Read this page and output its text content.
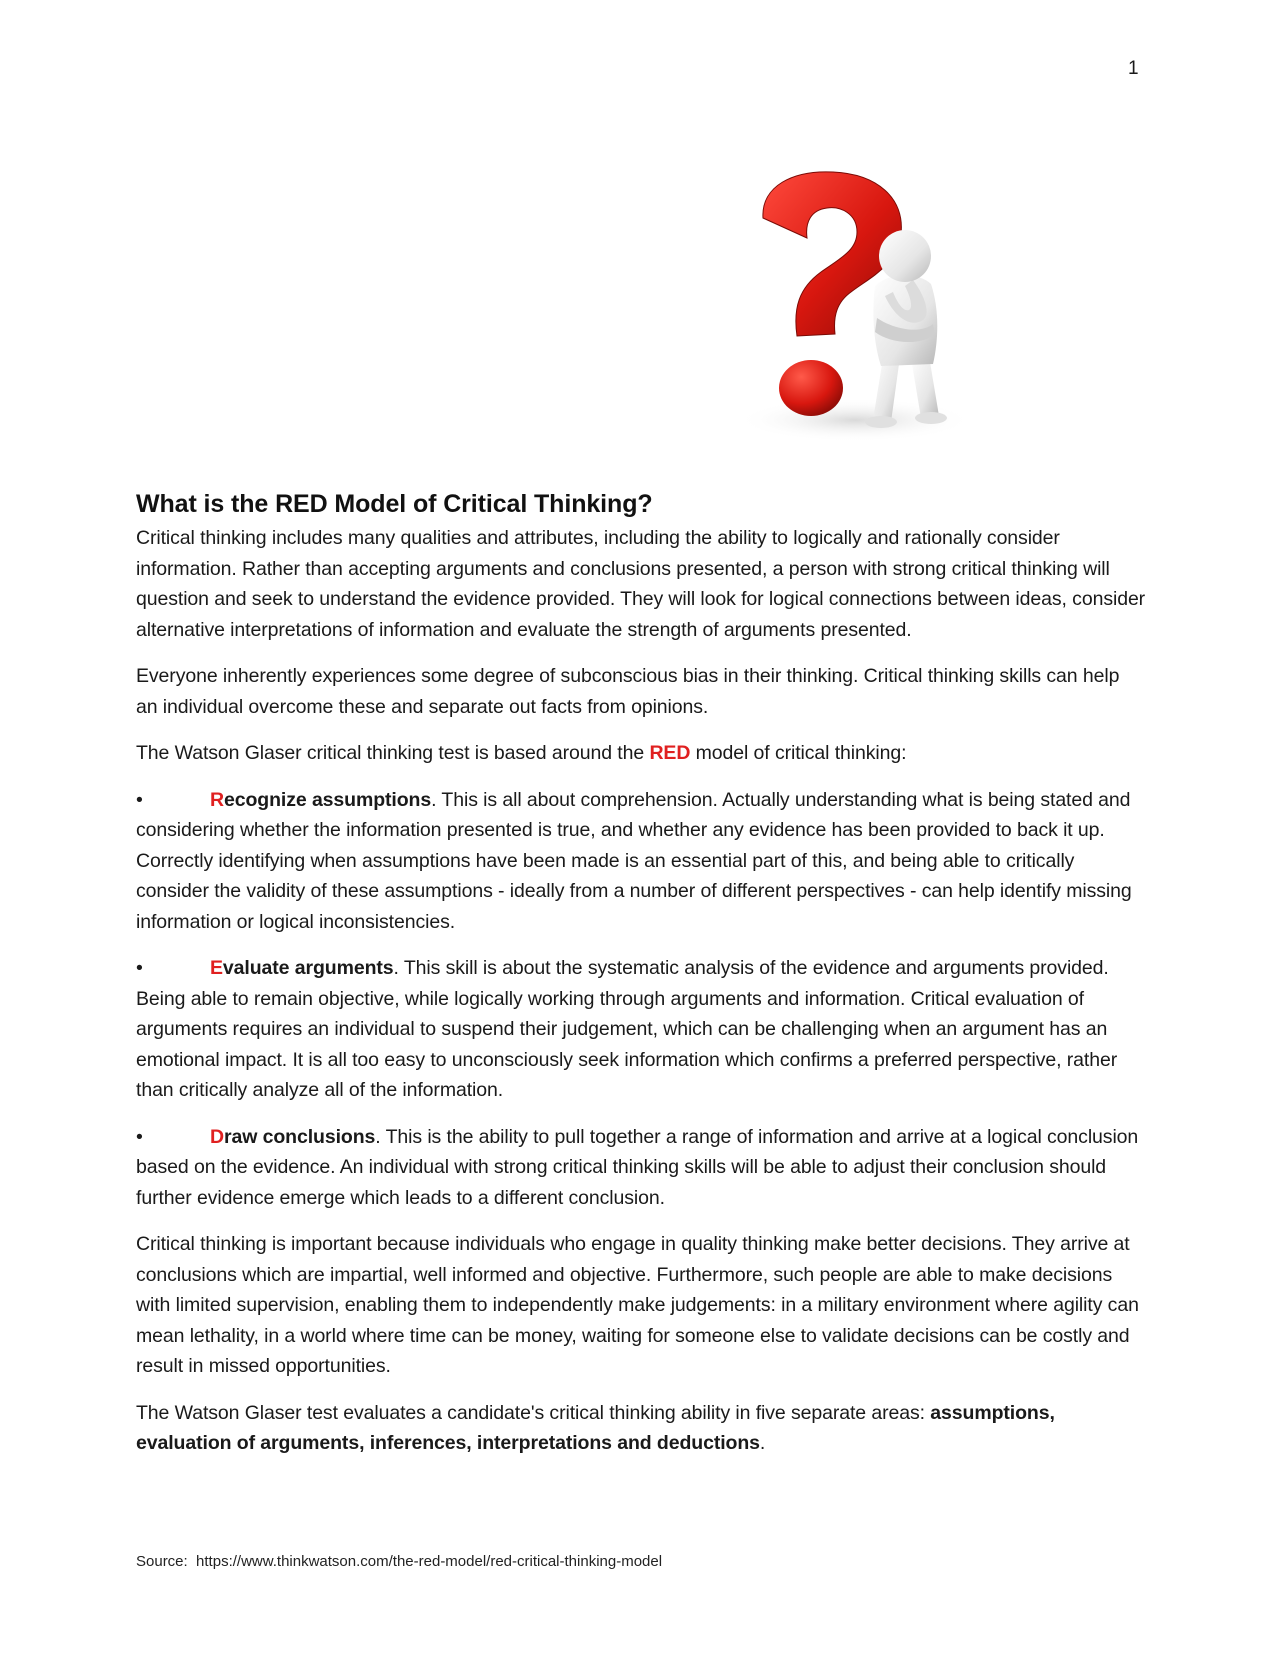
1
What is the RED Model of Critical Thinking?

Critical thinking includes many qualities and attributes, including the ability to logically and rationally consider information. Rather than accepting arguments and conclusions presented, a person with strong critical thinking will question and seek to understand the evidence provided. They will look for logical connections between ideas, consider alternative interpretations of information and evaluate the strength of arguments presented.

Everyone inherently experiences some degree of subconscious bias in their thinking. Critical thinking skills can help an individual overcome these and separate out facts from opinions.

The Watson Glaser critical thinking test is based around the RED model of critical thinking:

•	Recognize assumptions. This is all about comprehension. Actually understanding what is being stated and considering whether the information presented is true, and whether any evidence has been provided to back it up. Correctly identifying when assumptions have been made is an essential part of this, and being able to critically consider the validity of these assumptions - ideally from a number of different perspectives - can help identify missing information or logical inconsistencies.

•	Evaluate arguments. This skill is about the systematic analysis of the evidence and arguments provided. Being able to remain objective, while logically working through arguments and information. Critical evaluation of arguments requires an individual to suspend their judgement, which can be challenging when an argument has an emotional impact. It is all too easy to unconsciously seek information which confirms a preferred perspective, rather than critically analyze all of the information.

•	Draw conclusions. This is the ability to pull together a range of information and arrive at a logical conclusion based on the evidence. An individual with strong critical thinking skills will be able to adjust their conclusion should further evidence emerge which leads to a different conclusion.

Critical thinking is important because individuals who engage in quality thinking make better decisions. They arrive at conclusions which are impartial, well informed and objective. Furthermore, such people are able to make decisions with limited supervision, enabling them to independently make judgements: in a military environment where agility can mean lethality, in a world where time can be money, waiting for someone else to validate decisions can be costly and result in missed opportunities.

The Watson Glaser test evaluates a candidate's critical thinking ability in five separate areas: assumptions, evaluation of arguments, inferences, interpretations and deductions.

Source: https://www.thinkwatson.com/the-red-model/red-critical-thinking-model
